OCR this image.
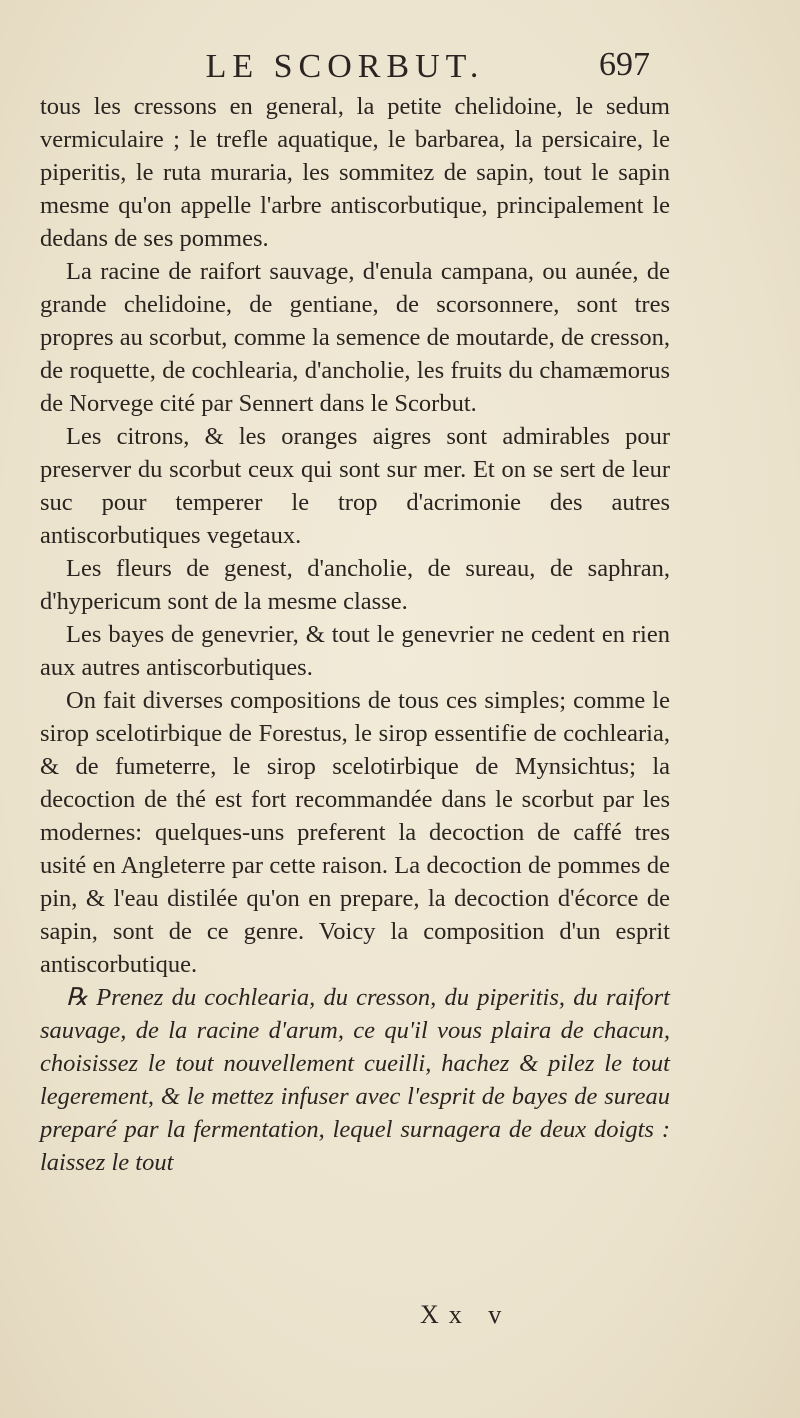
LE SCORBUT.	697

tous les cressons en general, la petite chelidoine, le sedum vermiculaire ; le trefle aquatique, le barbarea, la persicaire, le piperitis, le ruta muraria, les sommitez de sapin, tout le sapin mesme qu'on appelle l'arbre antiscorbutique, principalement le dedans de ses pommes.

La racine de raifort sauvage, d'enula campana, ou aunée, de grande chelidoine, de gentiane, de scorsonnere, sont tres propres au scorbut, comme la semence de moutarde, de cresson, de roquette, de cochlearia, d'ancholie, les fruits du chamæmorus de Norvege cité par Sennert dans le Scorbut.

Les citrons, & les oranges aigres sont admirables pour preserver du scorbut ceux qui sont sur mer. Et on se sert de leur suc pour temperer le trop d'acrimonie des autres antiscorbutiques vegetaux.

Les fleurs de genest, d'ancholie, de sureau, de saphran, d'hypericum sont de la mesme classe.

Les bayes de genevrier, & tout le genevrier ne cedent en rien aux autres antiscorbutiques.

On fait diverses compositions de tous ces simples; comme le sirop scelotirbique de Forestus, le sirop essentifie de cochlearia, & de fumeterre, le sirop scelotirbique de Mynsichtus; la decoction de thé est fort recommandée dans le scorbut par les modernes: quelques-uns preferent la decoction de caffé tres usité en Angleterre par cette raison. La decoction de pommes de pin, & l'eau distilée qu'on en prepare, la decoction d'écorce de sapin, sont de ce genre. Voicy la composition d'un esprit antiscorbutique.

℞ Prenez du cochlearia, du cresson, du piperitis, du raifort sauvage, de la racine d'arum, ce qu'il vous plaira de chacun, choisissez le tout nouvellement cueilli, hachez & pilez le tout legerement, & le mettez infuser avec l'esprit de bayes de sureau preparé par la fermentation, lequel surnagera de deux doigts : laissez le tout

Xx v
